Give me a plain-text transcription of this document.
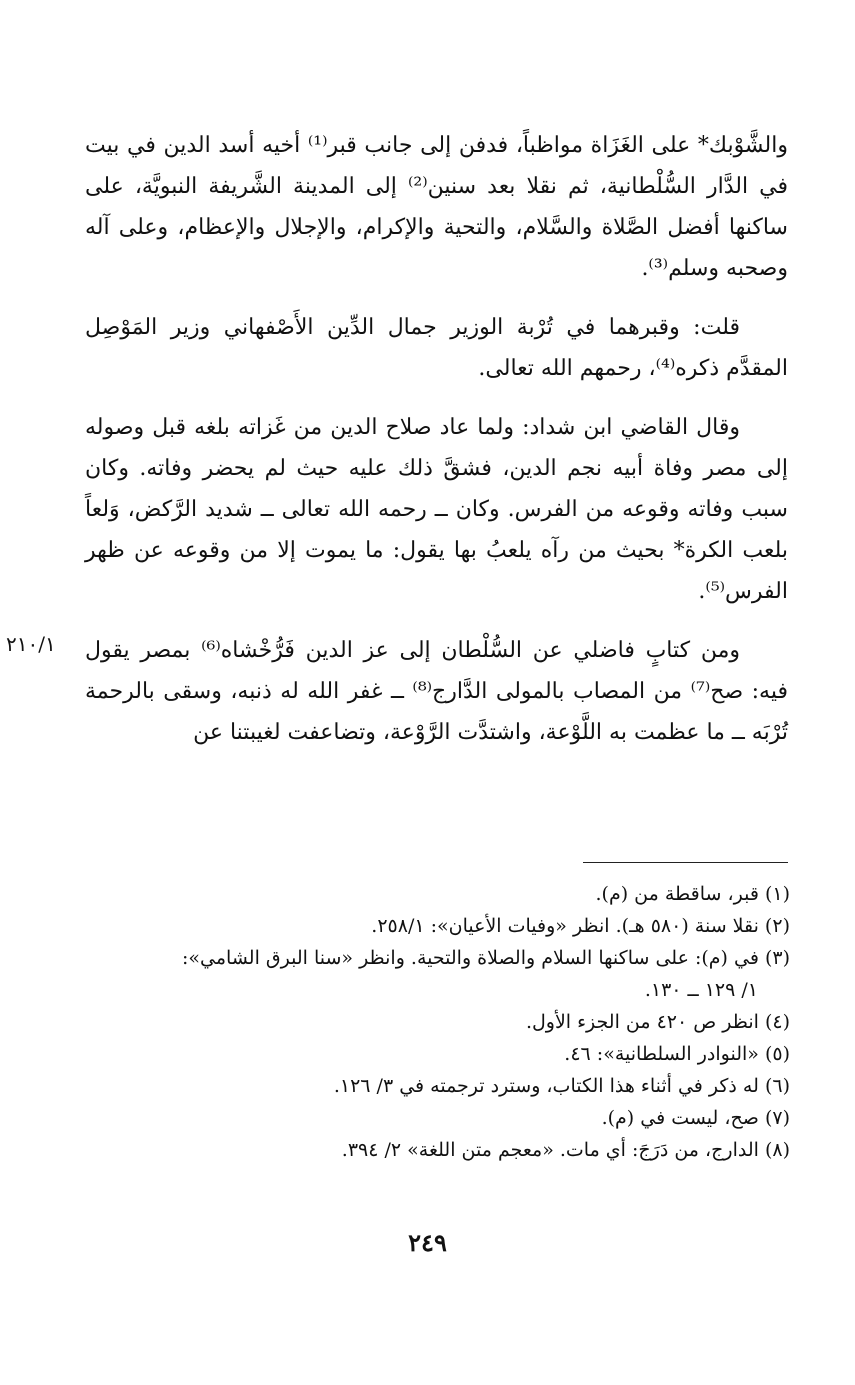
والشَّوْبك* على الغَزَاة مواظباً، فدفن إلى جانب قبر⁽¹⁾ أخيه أسد الدين في بيت في الدَّار السُّلْطانية، ثم نقلا بعد سنين⁽²⁾ إلى المدينة الشَّريفة النبويَّة، على ساكنها أفضل الصَّلاة والسَّلام، والتحية والإكرام، والإجلال والإعظام، وعلى آله وصحبه وسلم⁽³⁾.

قلت: وقبرهما في تُرْبة الوزير جمال الدِّين الأَصْفهاني وزير المَوْصِل المقدَّم ذكره⁽⁴⁾، رحمهم الله تعالى.

وقال القاضي ابن شداد: ولما عاد صلاح الدين من غَزاته بلغه قبل وصوله إلى مصر وفاة أبيه نجم الدين، فشقَّ ذلك عليه حيث لم يحضر وفاته. وكان سبب وفاته وقوعه من الفرس. وكان ــ رحمه الله تعالى ــ شديد الرَّكض، وَلعاً بلعب الكرة* بحيث من رآه يلعبُ بها يقول: ما يموت إلا من وقوعه عن ظهر الفرس⁽⁵⁾.

ومن كتابٍ فاضلي عن السُّلْطان إلى عز الدين فَرُّخْشاه⁽⁶⁾ بمصر يقول فيه: صح⁽⁷⁾ من المصاب بالمولى الدَّارج⁽⁸⁾ ــ غفر الله له ذنبه، وسقى بالرحمة تُرْبَه ــ ما عظمت به اللَّوْعة، واشتدَّت الرَّوْعة، وتضاعفت لغيبتنا عن

٢١٠/١

(١) قبر، ساقطة من (م).

(٢) نقلا سنة (٥٨٠ هـ). انظر «وفيات الأعيان»: ٢٥٨/١.

(٣) في (م): على ساكنها السلام والصلاة والتحية. وانظر «سنا البرق الشامي»:

١/ ١٢٩ ــ ١٣٠.

(٤) انظر ص ٤٢٠ من الجزء الأول.

(٥) «النوادر السلطانية»: ٤٦.

(٦) له ذكر في أثناء هذا الكتاب، وسترد ترجمته في ٣/ ١٢٦.

(٧) صح، ليست في (م).

(٨) الدارج، من دَرَجَ: أي مات. «معجم متن اللغة» ٢/ ٣٩٤.

٢٤٩
